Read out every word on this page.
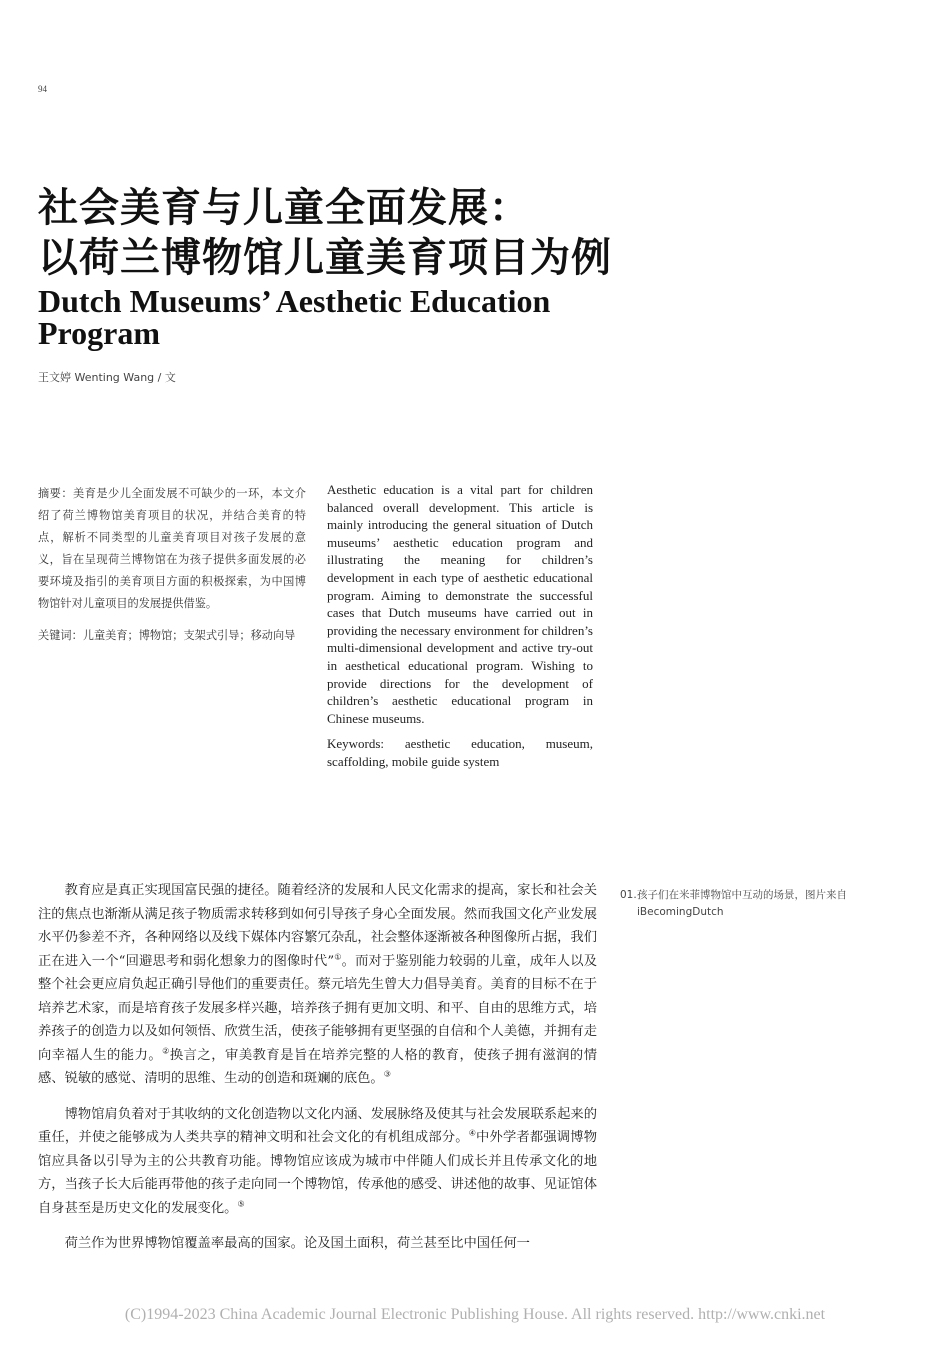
94
社会美育与儿童全面发展：
以荷兰博物馆儿童美育项目为例
Dutch Museums’ Aesthetic Education Program
王文婷 Wenting Wang / 文

摘要：美育是少儿全面发展不可缺少的一环，本文介绍了荷兰博物馆美育项目的状况，并结合美育的特点，解析不同类型的儿童美育项目对孩子发展的意义，旨在呈现荷兰博物馆在为孩子提供多面发展的必要环境及指引的美育项目方面的积极探索，为中国博物馆针对儿童项目的发展提供借鉴。

关键词：儿童美育；博物馆；支架式引导；移动向导

Aesthetic education is a vital part for children balanced overall development. This article is mainly introducing the general situation of Dutch museums’ aesthetic education program and illustrating the meaning for children’s development in each type of aesthetic educational program. Aiming to demonstrate the successful cases that Dutch museums have carried out in providing the necessary environment for children’s multi-dimensional development and active try-out in aesthetical educational program. Wishing to provide directions for the development of children’s aesthetic educational program in Chinese museums.

Keywords: aesthetic education, museum, scaffolding, mobile guide system

教育应是真正实现国富民强的捷径。随着经济的发展和人民文化需求的提高，家长和社会关注的焦点也渐渐从满足孩子物质需求转移到如何引导孩子身心全面发展。然而我国文化产业发展水平仍参差不齐，各种网络以及线下媒体内容繁冗杂乱，社会整体逐渐被各种图像所占据，我们正在进入一个“回避思考和弱化想象力的图像时代”①。而对于鉴别能力较弱的儿童，成年人以及整个社会更应肩负起正确引导他们的重要责任。蔡元培先生曾大力倡导美育。美育的目标不在于培养艺术家，而是培育孩子发展多样兴趣，培养孩子拥有更加文明、和平、自由的思维方式，培养孩子的创造力以及如何领悟、欣赏生活，使孩子能够拥有更坚强的自信和个人美德，并拥有走向幸福人生的能力。②换言之，审美教育是旨在培养完整的人格的教育，使孩子拥有滋润的情感、锐敏的感觉、清明的思维、生动的创造和斑斓的底色。③

博物馆肩负着对于其收纳的文化创造物以文化内涵、发展脉络及使其与社会发展联系起来的重任，并使之能够成为人类共享的精神文明和社会文化的有机组成部分。④中外学者都强调博物馆应具备以引导为主的公共教育功能。博物馆应该成为城市中伴随人们成长并且传承文化的地方，当孩子长大后能再带他的孩子走向同一个博物馆，传承他的感受、讲述他的故事、见证馆体自身甚至是历史文化的发展变化。⑤

荷兰作为世界博物馆覆盖率最高的国家。论及国土面积，荷兰甚至比中国任何一

01.孩子们在米菲博物馆中互动的场景，图片来自
iBecomingDutch
(C)1994-2023 China Academic Journal Electronic Publishing House. All rights reserved. http://www.cnki.net
